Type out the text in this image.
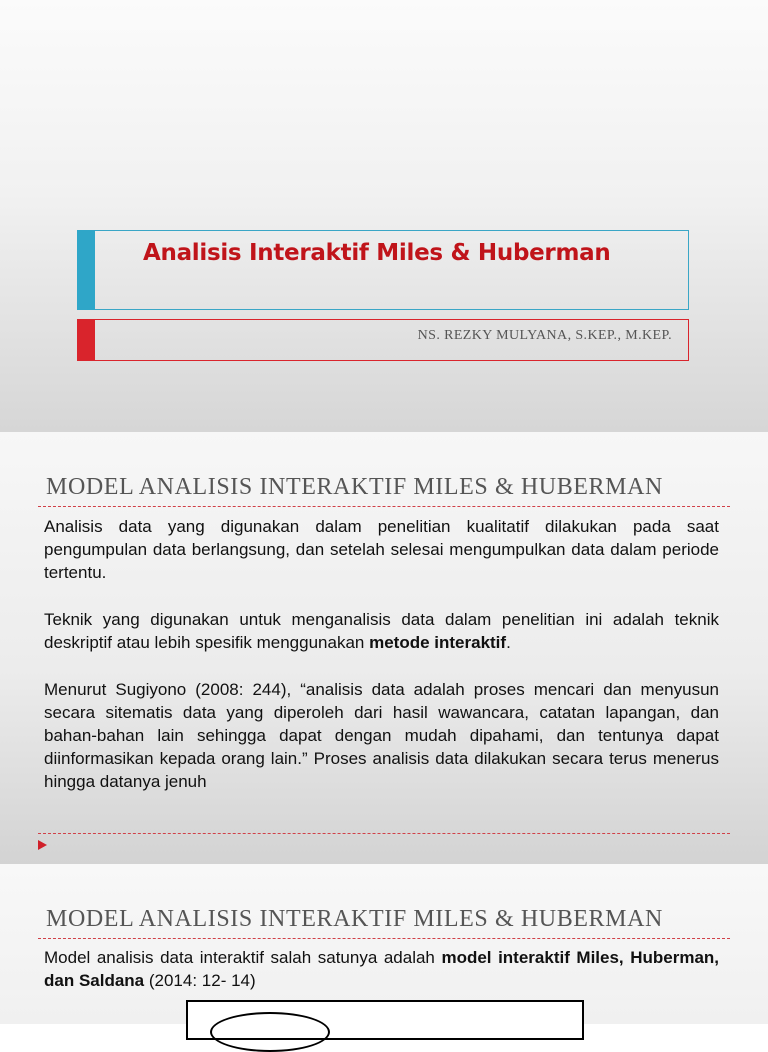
Analisis Interaktif Miles & Huberman
NS. REZKY MULYANA, S.KEP., M.KEP.
MODEL ANALISIS INTERAKTIF MILES & HUBERMAN

Analisis data yang digunakan dalam penelitian kualitatif dilakukan pada saat pengumpulan data berlangsung, dan setelah selesai mengumpulkan data dalam periode tertentu.

Teknik yang digunakan untuk menganalisis data dalam penelitian ini adalah teknik deskriptif atau lebih spesifik menggunakan metode interaktif.

Menurut Sugiyono (2008: 244), “analisis data adalah proses mencari dan menyusun secara sitematis data yang diperoleh dari hasil wawancara, catatan lapangan, dan bahan-bahan lain sehingga dapat dengan mudah dipahami, dan tentunya dapat diinformasikan kepada orang lain.” Proses analisis data dilakukan secara terus menerus hingga datanya jenuh

MODEL ANALISIS INTERAKTIF MILES & HUBERMAN

Model analisis data interaktif salah satunya adalah model interaktif Miles, Huberman, dan Saldana (2014: 12- 14)
